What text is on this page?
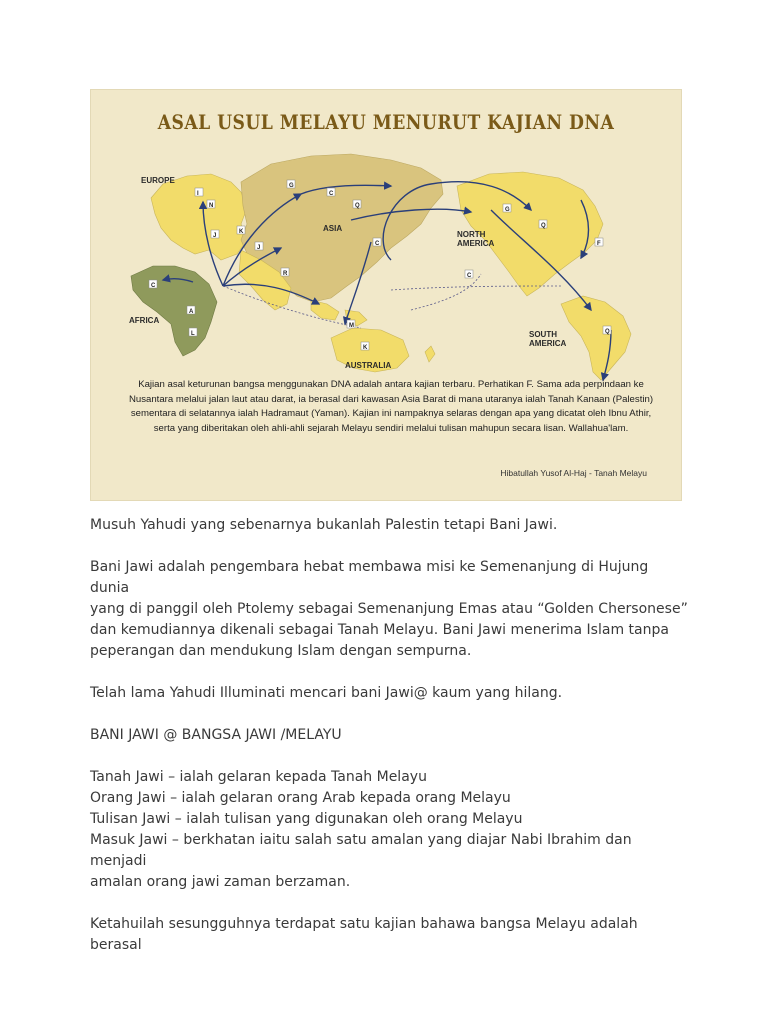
ASAL USUL MELAYU MENURUT KAJIAN DNA
I
N
J
K
J
R
G
C
Q
C
M
K
G
Q
F
Q
A
L
C
C
EUROPE
ASIA
NORTH
AMERICA
AFRICA
AUSTRALIA
SOUTH
AMERICA

Kajian asal keturunan bangsa menggunakan DNA adalah antara kajian terbaru. Perhatikan F. Sama ada perpindaan ke Nusantara melalui jalan laut atau darat, ia berasal dari kawasan Asia Barat di mana utaranya ialah Tanah Kanaan (Palestin) sementara di selatannya ialah Hadramaut (Yaman). Kajian ini nampaknya selaras dengan apa yang dicatat oleh Ibnu Athir, serta yang diberitakan oleh ahli-ahli sejarah Melayu sendiri melalui tulisan mahupun secara lisan. Wallahua'lam.

Hibatullah Yusof Al-Haj - Tanah Melayu

Musuh Yahudi yang sebenarnya bukanlah Palestin tetapi Bani Jawi.

Bani Jawi adalah pengembara hebat membawa misi ke Semenanjung di Hujung dunia
yang di panggil oleh Ptolemy sebagai Semenanjung Emas atau “Golden Chersonese”
dan kemudiannya dikenali sebagai Tanah Melayu. Bani Jawi menerima Islam tanpa
peperangan dan mendukung Islam dengan sempurna.

Telah lama Yahudi Illuminati mencari bani Jawi@ kaum yang hilang.

BANI JAWI @ BANGSA JAWI /MELAYU

Tanah Jawi – ialah gelaran kepada Tanah Melayu
Orang Jawi – ialah gelaran orang Arab kepada orang Melayu
Tulisan Jawi – ialah tulisan yang digunakan oleh orang Melayu
Masuk Jawi – berkhatan iaitu salah satu amalan yang diajar Nabi Ibrahim dan menjadi
amalan orang jawi zaman berzaman.

Ketahuilah sesungguhnya terdapat satu kajian bahawa bangsa Melayu adalah berasal
